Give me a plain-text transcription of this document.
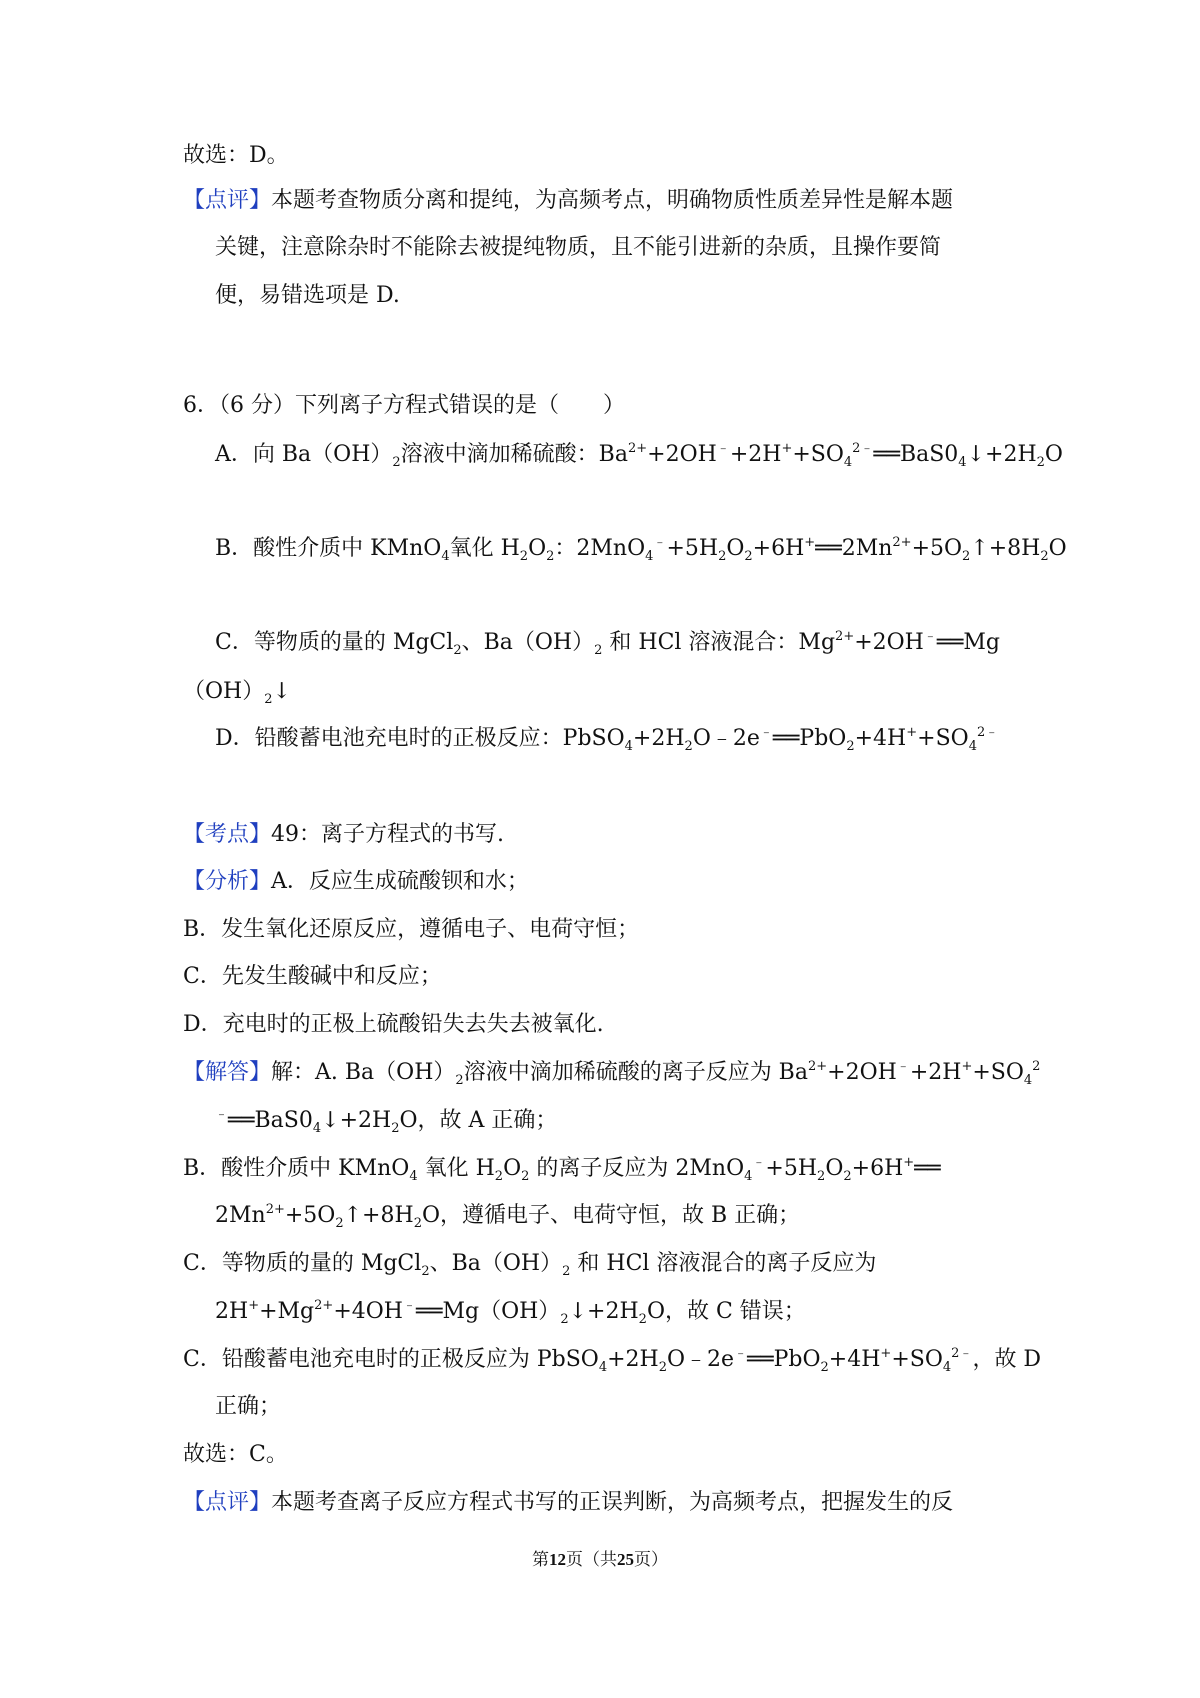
故选：D。
【点评】本题考查物质分离和提纯，为高频考点，明确物质性质差异性是解本题
关键，注意除杂时不能除去被提纯物质，且不能引进新的杂质，且操作要简
便，易错选项是 D.
6．（6 分）下列离子方程式错误的是（　　）
A．向 $Ba(OH)_2$溶液中滴加稀硫酸：$Ba^{2+}+2OH^﹣+2H^++SO_4^{2﹣}══BaS0_4↓+2H_2O$
B．酸性介质中 KMnO$_4$氧化 $H_2O_2$：$2MnO_4^﹣+5H_2O_2+6H^+══2Mn^{2+}+5O_2↑+8H_2O$
C．等物质的量的 MgCl$_2$、$Ba(OH)_2$ 和 HCl 溶液混合：$Mg^{2+}+2OH^﹣══Mg$
$(OH)_2↓$
D．铅酸蓄电池充电时的正极反应：$PbSO_4+2H_2O﹣2e^﹣══PbO_2+4H^++SO_4^{2﹣}$
【考点】49：离子方程式的书写.
【分析】A．反应生成硫酸钡和水；
B．发生氧化还原反应，遵循电子、电荷守恒；
C．先发生酸碱中和反应；
D．充电时的正极上硫酸铅失去失去被氧化.
【解答】解：A. $Ba(OH)_2$溶液中滴加稀硫酸的离子反应为 $Ba^{2+}+2OH^﹣+2H^++SO_4^2$
$^﹣══BaS0_4↓+2H_2O$，故 A 正确；
B．酸性介质中 KMnO$_4$ 氧化 $H_2O_2$ 的离子反应为 $2MnO_4^﹣+5H_2O_2+6H^+══$
$2Mn^{2+}+5O_2↑+8H_2O$，遵循电子、电荷守恒，故 B 正确；
C．等物质的量的 MgCl$_2$、$Ba(OH)_2$ 和 HCl 溶液混合的离子反应为
$2H^++Mg^{2+}+4OH^﹣══Mg(OH)_2↓+2H_2O$，故 C 错误；
C．铅酸蓄电池充电时的正极反应为 $PbSO_4+2H_2O﹣2e^﹣══PbO_2+4H^++SO_4^{2﹣}$，故 D
正确；
故选：C。
【点评】本题考查离子反应方程式书写的正误判断，为高频考点，把握发生的反
第12页（共25页）
